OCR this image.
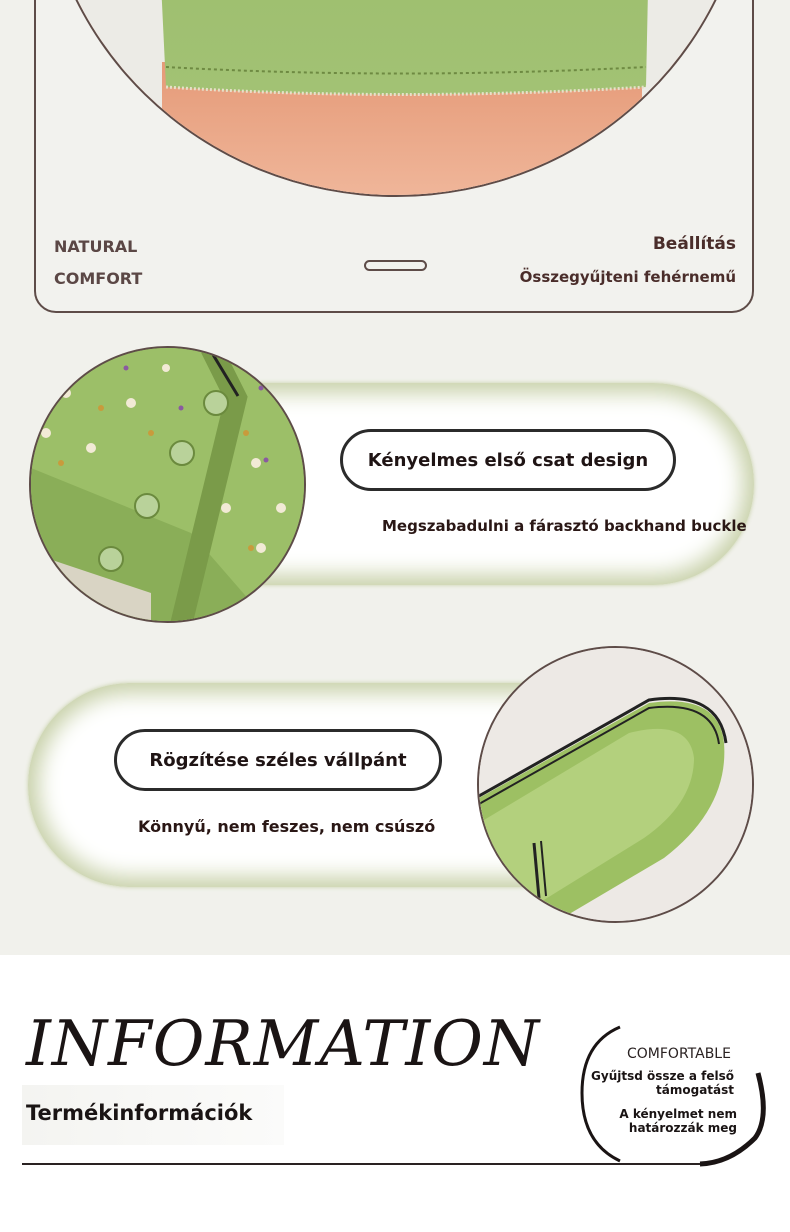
NATURAL
COMFORT
Beállítás
Összegyűjteni fehérnemű
Kényelmes első csat design
Megszabadulni a fárasztó backhand buckle
Rögzítése széles vállpánt
Könnyű, nem feszes, nem csúszó
INFORMATION
Termékinformációk
COMFORTABLE
Gyűjtsd össze a felső
támogatást
A kényelmet nem
határozzák meg
